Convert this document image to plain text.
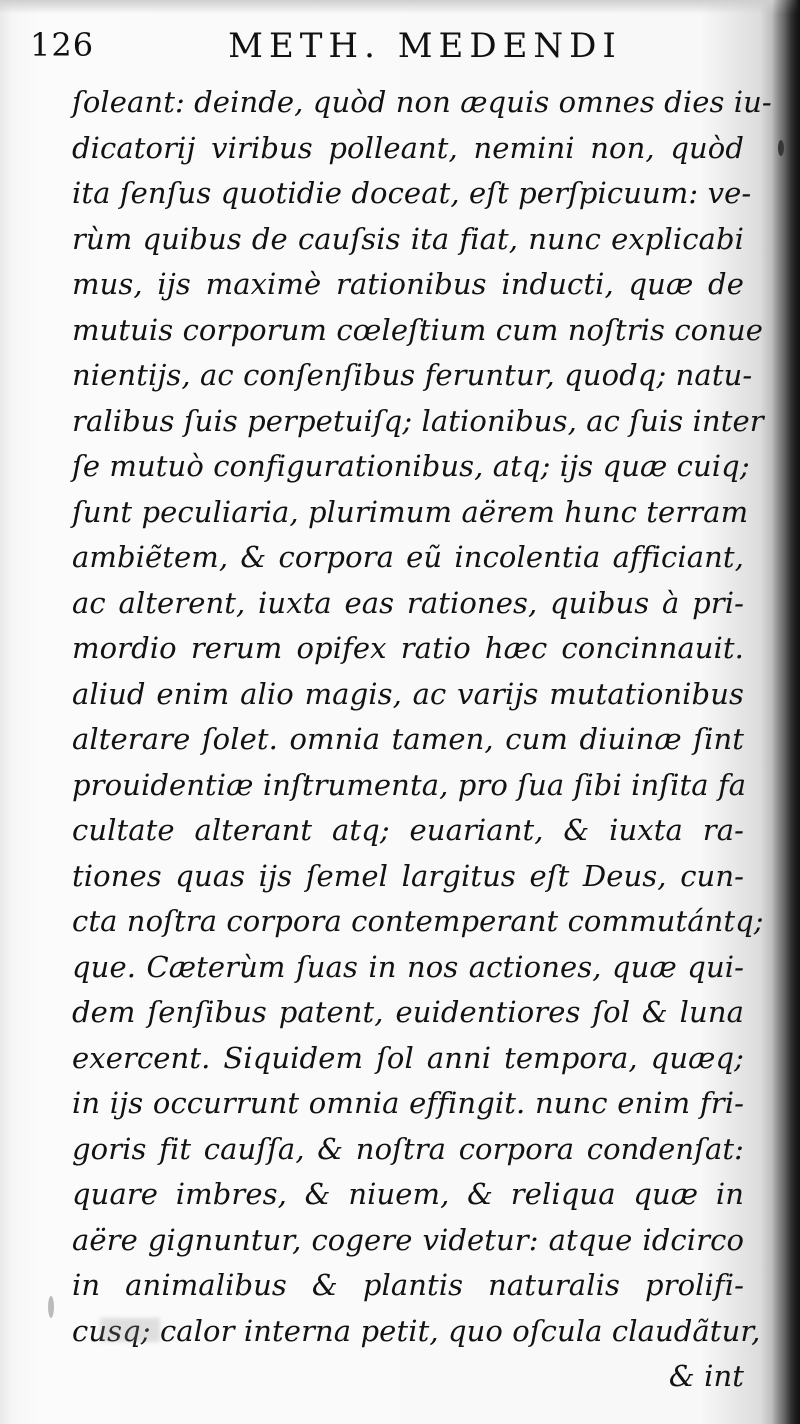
126	METH. MEDENDI
ſoleant: deinde, quòd non æquis omnes dies iu-
dicatorij viribus polleant, nemini non, quòd
ita ſenſus quotidie doceat, eſt perſpicuum: ve-
rùm quibus de cauſsis ita fiat, nunc explicabi
mus, ijs maximè rationibus inducti, quæ de
mutuis corporum cœleſtium cum noſtris conue
nientijs, ac conſenſibus feruntur, quodq; natu-
ralibus ſuis perpetuiſq; lationibus, ac ſuis inter
ſe mutuò configurationibus, atq; ijs quæ cuiq;
ſunt peculiaria, plurimum aërem hunc terram
ambiẽtem, & corpora eũ incolentia afficiant,
ac alterent, iuxta eas rationes, quibus à pri-
mordio rerum opifex ratio hæc concinnauit.
aliud enim alio magis, ac varijs mutationibus
alterare ſolet. omnia tamen, cum diuinæ ſint
prouidentiæ inſtrumenta, pro ſua ſibi inſita fa
cultate alterant atq; euariant, & iuxta ra-
tiones quas ijs ſemel largitus eſt Deus, cun-
cta noſtra corpora contemperant commutántq;
que. Cæterùm ſuas in nos actiones, quæ qui-
dem ſenſibus patent, euidentiores ſol & luna
exercent. Siquidem ſol anni tempora, quæq;
in ijs occurrunt omnia effingit. nunc enim fri-
goris fit cauſſa, & noſtra corpora condenſat:
quare imbres, & niuem, & reliqua quæ in
aëre gignuntur, cogere videtur: atque idcirco
in animalibus & plantis naturalis prolifi-
cusq; calor interna petit, quo oſcula claudãtur,
& int
